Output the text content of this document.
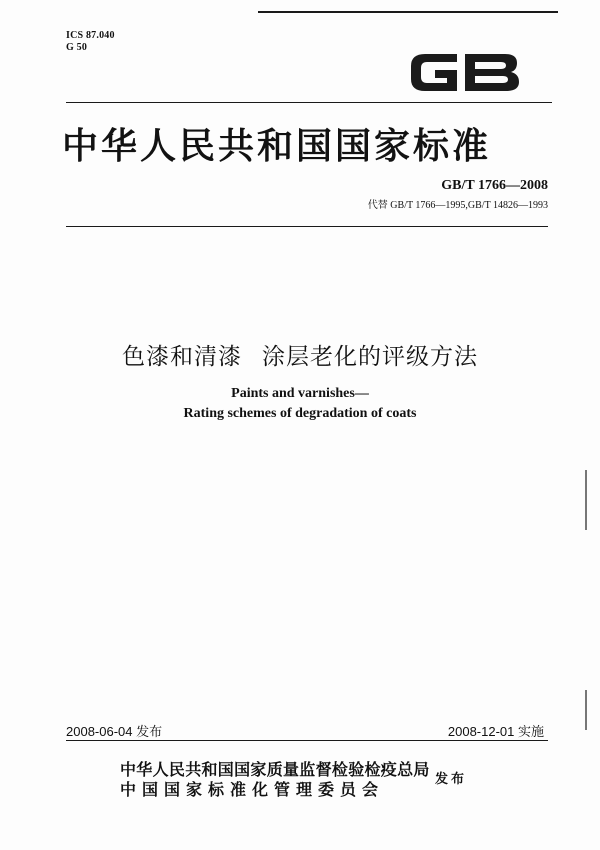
ICS 87.040
G 50	GB
中华人民共和国国家标准
GB/T 1766—2008
代替 GB/T 1766—1995,GB/T 14826—1993
色漆和清漆 涂层老化的评级方法
Paints and varnishes—
Rating schemes of degradation of coats
2008-06-04 发布	2008-12-01 实施
中华人民共和国国家质量监督检验检疫总局
中国国家标准化管理委员会
发布
